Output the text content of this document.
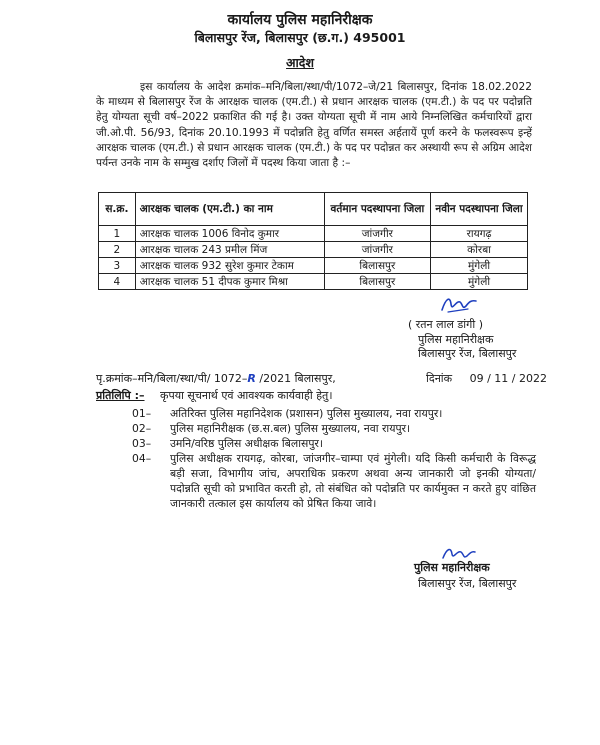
कार्यालय पुलिस महानिरीक्षक
बिलासपुर रेंज, बिलासपुर (छ.ग.) 495001
आदेश
इस कार्यालय के आदेश क्रमांक–मनि/बिला/स्था/पी/1072–जे/21 बिलासपुर, दिनांक 18.02.2022 के माध्यम से बिलासपुर रेंज के आरक्षक चालक (एम.टी.) से प्रधान आरक्षक चालक (एम.टी.) के पद पर पदोन्नति हेतु योग्यता सूची वर्ष–2022 प्रकाशित की गई है। उक्त योग्यता सूची में नाम आये निम्नलिखित कर्मचारियों द्वारा जी.ओ.पी. 56/93, दिनांक 20.10.1993 में पदोन्नति हेतु वर्णित समस्त अर्हतायें पूर्ण करने के फलस्वरूप इन्हें आरक्षक चालक (एम.टी.) से प्रधान आरक्षक चालक (एम.टी.) के पद पर पदोन्नत कर अस्थायी रूप से अग्रिम आदेश पर्यन्त उनके नाम के सम्मुख दर्शाए जिलों में पदस्थ किया जाता है :–
स.क्र.	आरक्षक चालक (एम.टी.) का नाम	वर्तमान पदस्थापना जिला	नवीन पदस्थापना जिला
1	आरक्षक चालक 1006 विनोद कुमार	जांजगीर	रायगढ़
2	आरक्षक चालक 243 प्रमील मिंज	जांजगीर	कोरबा
3	आरक्षक चालक 932 सुरेश कुमार टेकाम	बिलासपुर	मुंगेली
4	आरक्षक चालक 51 दीपक कुमार मिश्रा	बिलासपुर	मुंगेली
( रतन लाल डांगी )
पुलिस महानिरीक्षक
बिलासपुर रेंज, बिलासपुर
पृ.क्रमांक–मनि/बिला/स्था/पी/ 1072–R /2021 बिलासपुर,	दिनांक 09 / 11 / 2022
प्रतिलिपि :– कृपया सूचनार्थ एवं आवश्यक कार्यवाही हेतु।
01–	अतिरिक्त पुलिस महानिदेशक (प्रशासन) पुलिस मुख्यालय, नवा रायपुर।
02–	पुलिस महानिरीक्षक (छ.स.बल) पुलिस मुख्यालय, नवा रायपुर।
03–	उमनि/वरिष्ठ पुलिस अधीक्षक बिलासपुर।
04–	पुलिस अधीक्षक रायगढ़, कोरबा, जांजगीर–चाम्पा एवं मुंगेली। यदि किसी कर्मचारी के विरूद्ध बड़ी सजा, विभागीय जांच, अपराधिक प्रकरण अथवा अन्य जानकारी जो इनकी योग्यता/पदोन्नति सूची को प्रभावित करती हो, तो संबंधित को पदोन्नति पर कार्यमुक्त न करते हुए वांछित जानकारी तत्काल इस कार्यालय को प्रेषित किया जावे।
पुलिस महानिरीक्षक
बिलासपुर रेंज, बिलासपुर
